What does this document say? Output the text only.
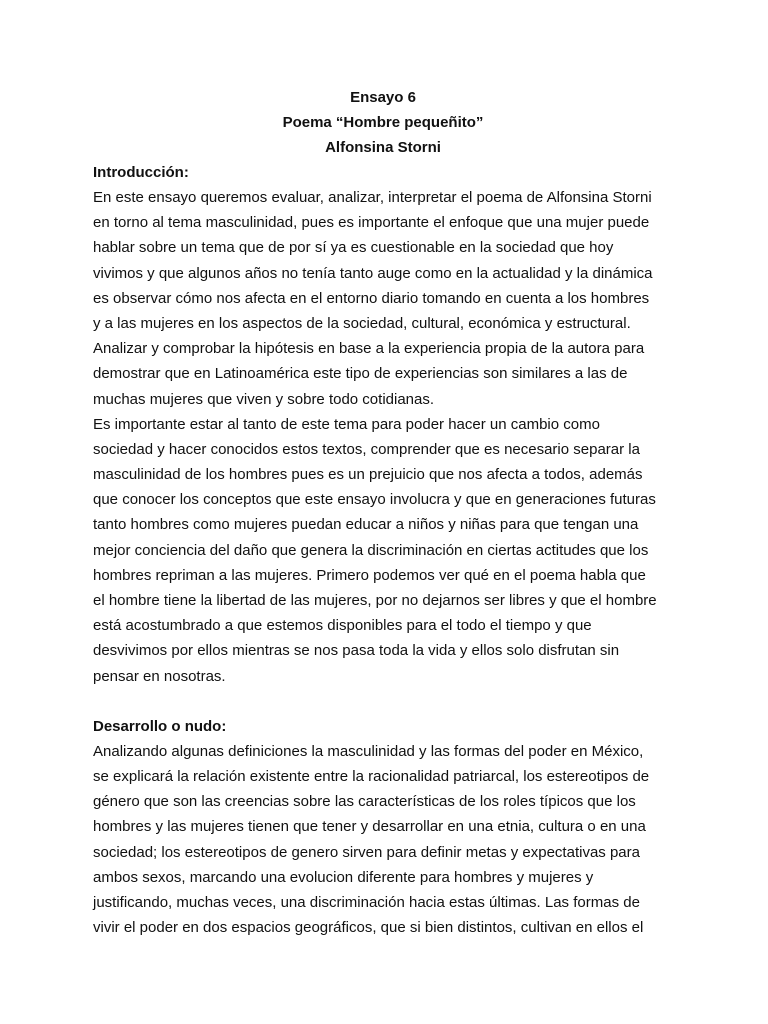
Ensayo 6
Poema “Hombre pequeñito”
Alfonsina Storni
Introducción:
En este ensayo queremos evaluar, analizar, interpretar el poema de Alfonsina Storni
en torno al tema masculinidad, pues es importante el enfoque que una mujer puede
hablar sobre un tema que de por sí ya es cuestionable en la sociedad que hoy
vivimos y que algunos años no tenía tanto auge como en la actualidad y la dinámica
es observar cómo nos afecta en el entorno diario tomando en cuenta a los hombres
y a las mujeres en los aspectos de la sociedad, cultural, económica y estructural.
Analizar y comprobar la hipótesis en base a la experiencia propia de la autora para
demostrar que en Latinoamérica este tipo de experiencias son similares a las de
muchas mujeres que viven y sobre todo cotidianas.
Es importante estar al tanto de este tema para poder hacer un cambio como
sociedad y hacer conocidos estos textos, comprender que es necesario separar la
masculinidad de los hombres pues es un prejuicio que nos afecta a todos, además
que conocer los conceptos que este ensayo involucra y que en generaciones futuras
tanto hombres como mujeres puedan educar a niños y niñas para que tengan una
mejor conciencia del daño que genera la discriminación en ciertas actitudes que los
hombres repriman a las mujeres. Primero podemos ver qué en el poema habla que
el hombre tiene la libertad de las mujeres, por no dejarnos ser libres y que el hombre
está acostumbrado a que estemos disponibles para el todo el tiempo y que
desvivimos por ellos mientras se nos pasa toda la vida y ellos solo disfrutan sin
pensar en nosotras.
Desarrollo o nudo:
Analizando algunas definiciones la masculinidad y las formas del poder en México,
se explicará la relación existente entre la racionalidad patriarcal, los estereotipos de
género que son las creencias sobre las características de los roles típicos que los
hombres y las mujeres tienen que tener y desarrollar en una etnia, cultura o en una
sociedad; los estereotipos de genero sirven para definir metas y expectativas para
ambos sexos, marcando una evolucion diferente para hombres y mujeres y
justificando, muchas veces, una discriminación hacia estas últimas. Las formas de
vivir el poder en dos espacios geográficos, que si bien distintos, cultivan en ellos el
